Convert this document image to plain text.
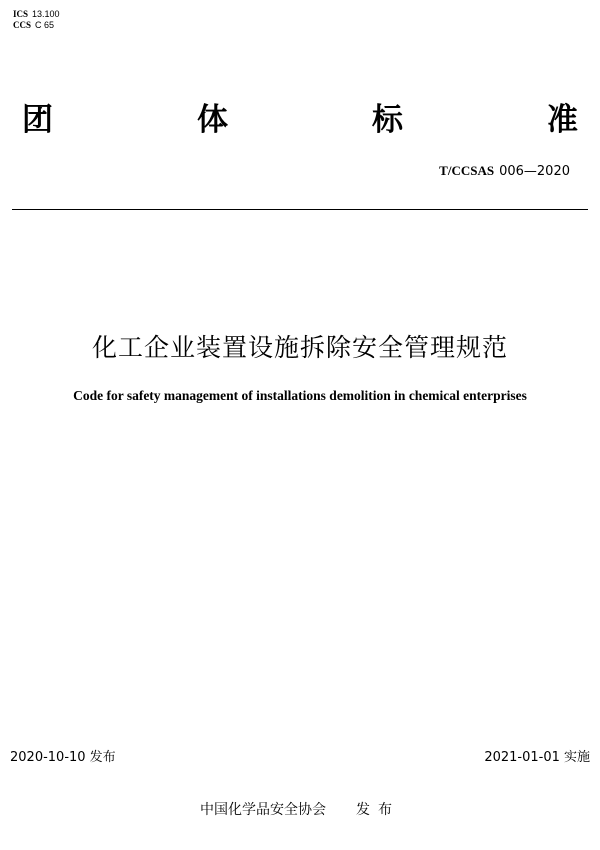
ICS 13.100
CCS C 65
团	体	标	准
T/CCSAS 006—2020
化工企业装置设施拆除安全管理规范
Code for safety management of installations demolition in chemical enterprises
2020-10-10 发布	2021-01-01 实施
中国化学品安全协会 发布
